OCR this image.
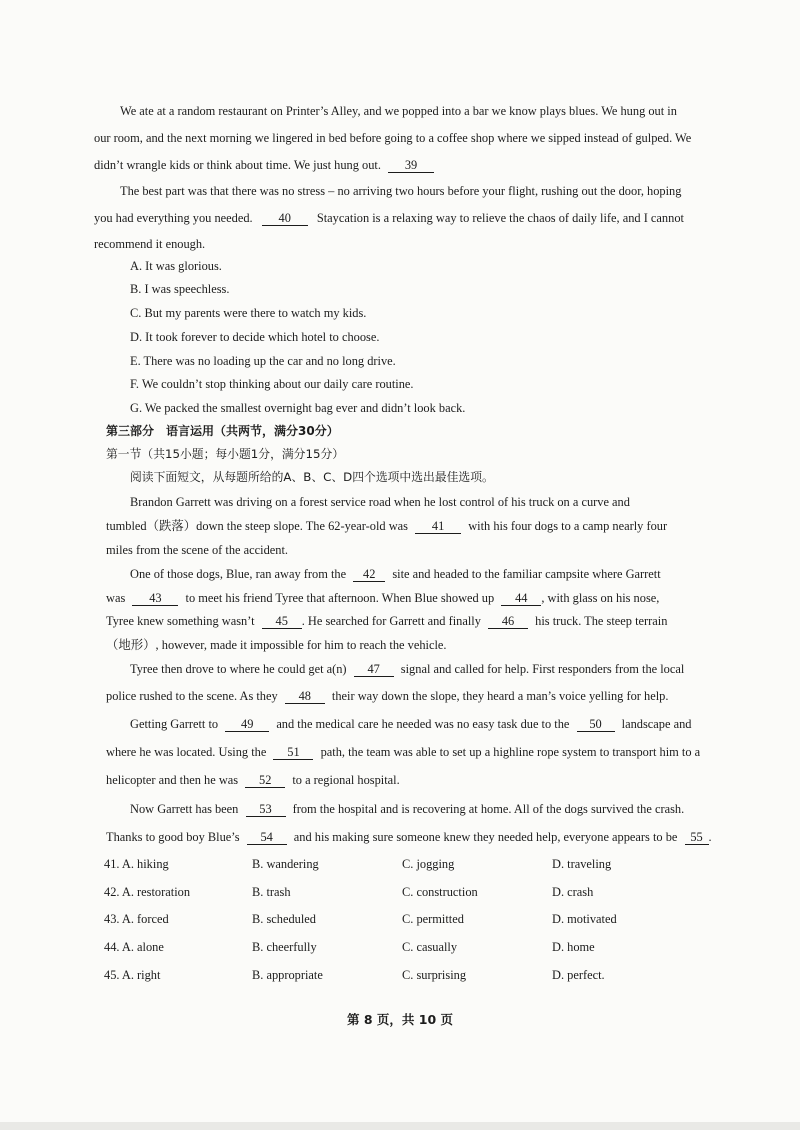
We ate at a random restaurant on Printer’s Alley, and we popped into a bar we know plays blues. We hung out in
our room, and the next morning we lingered in bed before going to a coffee shop where we sipped instead of gulped. We
didn’t wrangle kids or think about time. We just hung out. 39
The best part was that there was no stress – no arriving two hours before your flight, rushing out the door, hoping
you had everything you needed. 40 Staycation is a relaxing way to relieve the chaos of daily life, and I cannot
recommend it enough.
A. It was glorious.
B. I was speechless.
C. But my parents were there to watch my kids.
D. It took forever to decide which hotel to choose.
E. There was no loading up the car and no long drive.
F. We couldn’t stop thinking about our daily care routine.
G. We packed the smallest overnight bag ever and didn’t look back.
第三部分　语言运用（共两节，满分30分）
第一节（共15小题；每小题1分，满分15分）
阅读下面短文，从每题所给的A、B、C、D四个选项中选出最佳选项。
Brandon Garrett was driving on a forest service road when he lost control of his truck on a curve and
tumbled（跌落）down the steep slope. The 62-year-old was 41 with his four dogs to a camp nearly four
miles from the scene of the accident.
One of those dogs, Blue, ran away from the 42 site and headed to the familiar campsite where Garrett
was 43 to meet his friend Tyree that afternoon. When Blue showed up 44 , with glass on his nose,
Tyree knew something wasn’t 45 . He searched for Garrett and finally 46 his truck. The steep terrain
（地形）, however, made it impossible for him to reach the vehicle.
Tyree then drove to where he could get a(n) 47 signal and called for help. First responders from the local
police rushed to the scene. As they 48 their way down the slope, they heard a man’s voice yelling for help.
Getting Garrett to 49 and the medical care he needed was no easy task due to the 50 landscape and
where he was located. Using the 51 path, the team was able to set up a highline rope system to transport him to a
helicopter and then he was 52 to a regional hospital.
Now Garrett has been 53 from the hospital and is recovering at home. All of the dogs survived the crash.
Thanks to good boy Blue’s 54 and his making sure someone knew they needed help, everyone appears to be 55 .
41. A. hiking	B. wandering	C. jogging	D. traveling
42. A. restoration	B. trash	C. construction	D. crash
43. A. forced	B. scheduled	C. permitted	D. motivated
44. A. alone	B. cheerfully	C. casually	D. home
45. A. right	B. appropriate	C. surprising	D. perfect.
第 8 页，共 10 页
